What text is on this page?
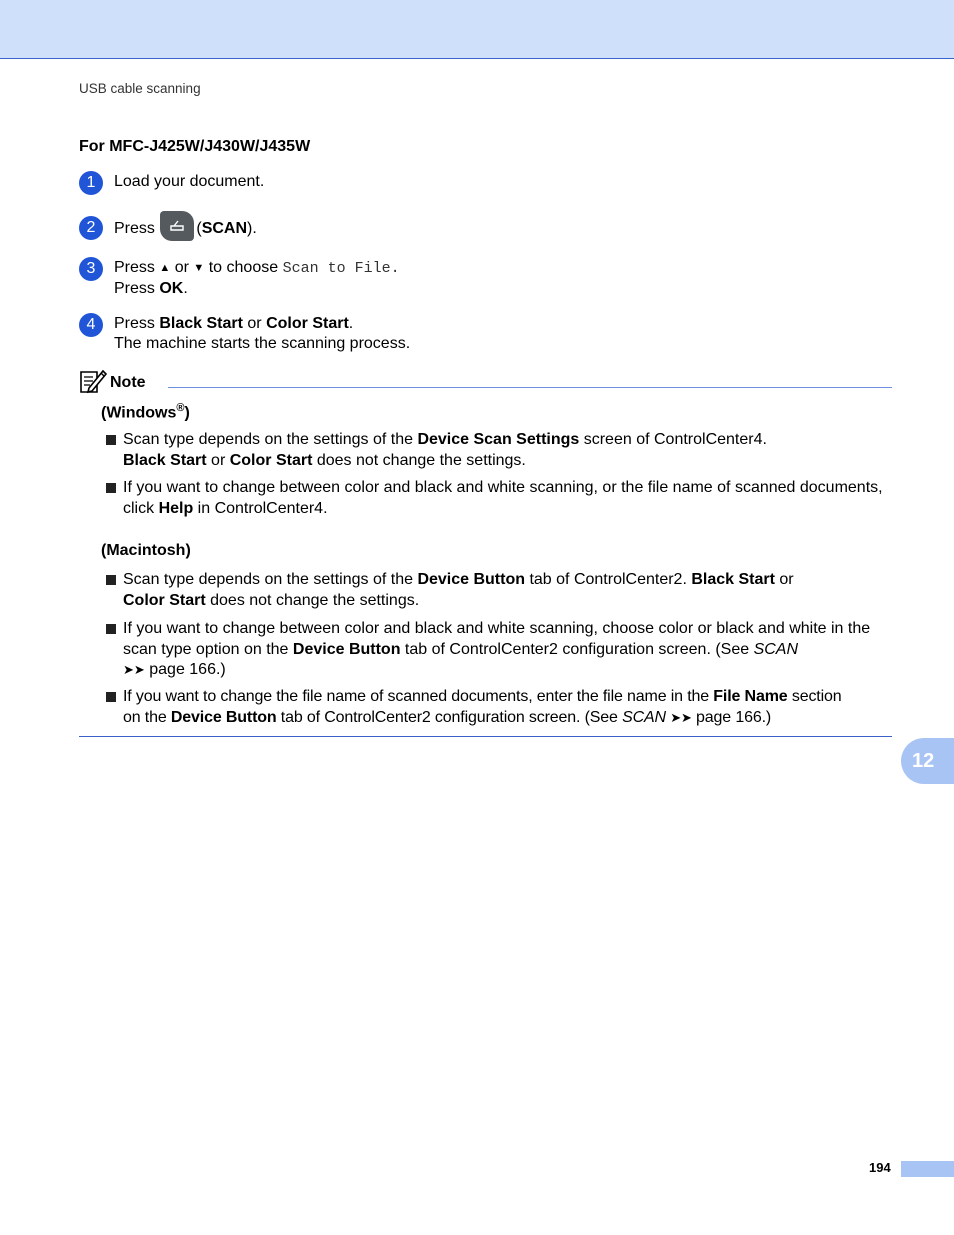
USB cable scanning
For MFC-J425W/J430W/J435W
1	Load your document.
2	Press	(SCAN).
3	Press ▲ or ▼ to choose Scan to File.
Press OK.
4	Press Black Start or Color Start.
The machine starts the scanning process.
Note
(Windows®)
Scan type depends on the settings of the Device Scan Settings screen of ControlCenter4.
Black Start or Color Start does not change the settings.
If you want to change between color and black and white scanning, or the file name of scanned documents, click Help in ControlCenter4.
(Macintosh)
Scan type depends on the settings of the Device Button tab of ControlCenter2. Black Start or
Color Start does not change the settings.
If you want to change between color and black and white scanning, choose color or black and white in the scan type option on the Device Button tab of ControlCenter2 configuration screen. (See SCAN
➤➤ page 166.)
If you want to change the file name of scanned documents, enter the file name in the File Name section
on the Device Button tab of ControlCenter2 configuration screen. (See SCAN ➤➤ page 166.)
12
194
